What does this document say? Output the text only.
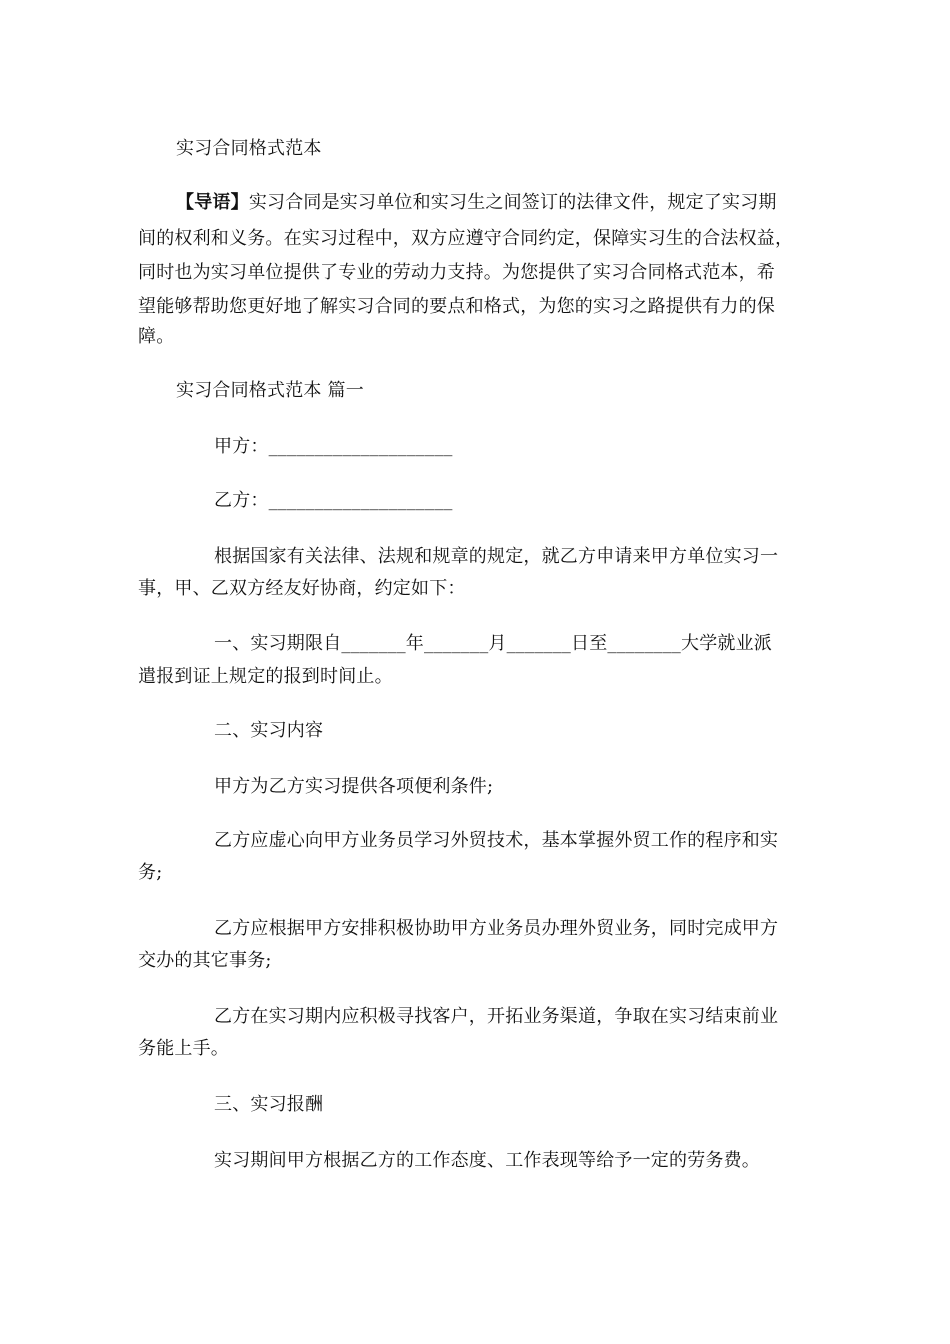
实习合同格式范本
【导语】实习合同是实习单位和实习生之间签订的法律文件，规定了实习期
间的权利和义务。在实习过程中，双方应遵守合同约定，保障实习生的合法权益，
同时也为实习单位提供了专业的劳动力支持。为您提供了实习合同格式范本，希
望能够帮助您更好地了解实习合同的要点和格式，为您的实习之路提供有力的保
障。
实习合同格式范本 篇一
甲方：____________________
乙方：____________________
根据国家有关法律、法规和规章的规定，就乙方申请来甲方单位实习一
事，甲、乙双方经友好协商，约定如下：
一、实习期限自_______年_______月_______日至________大学就业派
遣报到证上规定的报到时间止。
二、实习内容
甲方为乙方实习提供各项便利条件;
乙方应虚心向甲方业务员学习外贸技术，基本掌握外贸工作的程序和实
务;
乙方应根据甲方安排积极协助甲方业务员办理外贸业务，同时完成甲方
交办的其它事务;
乙方在实习期内应积极寻找客户，开拓业务渠道，争取在实习结束前业
务能上手。
三、实习报酬
实习期间甲方根据乙方的工作态度、工作表现等给予一定的劳务费。
